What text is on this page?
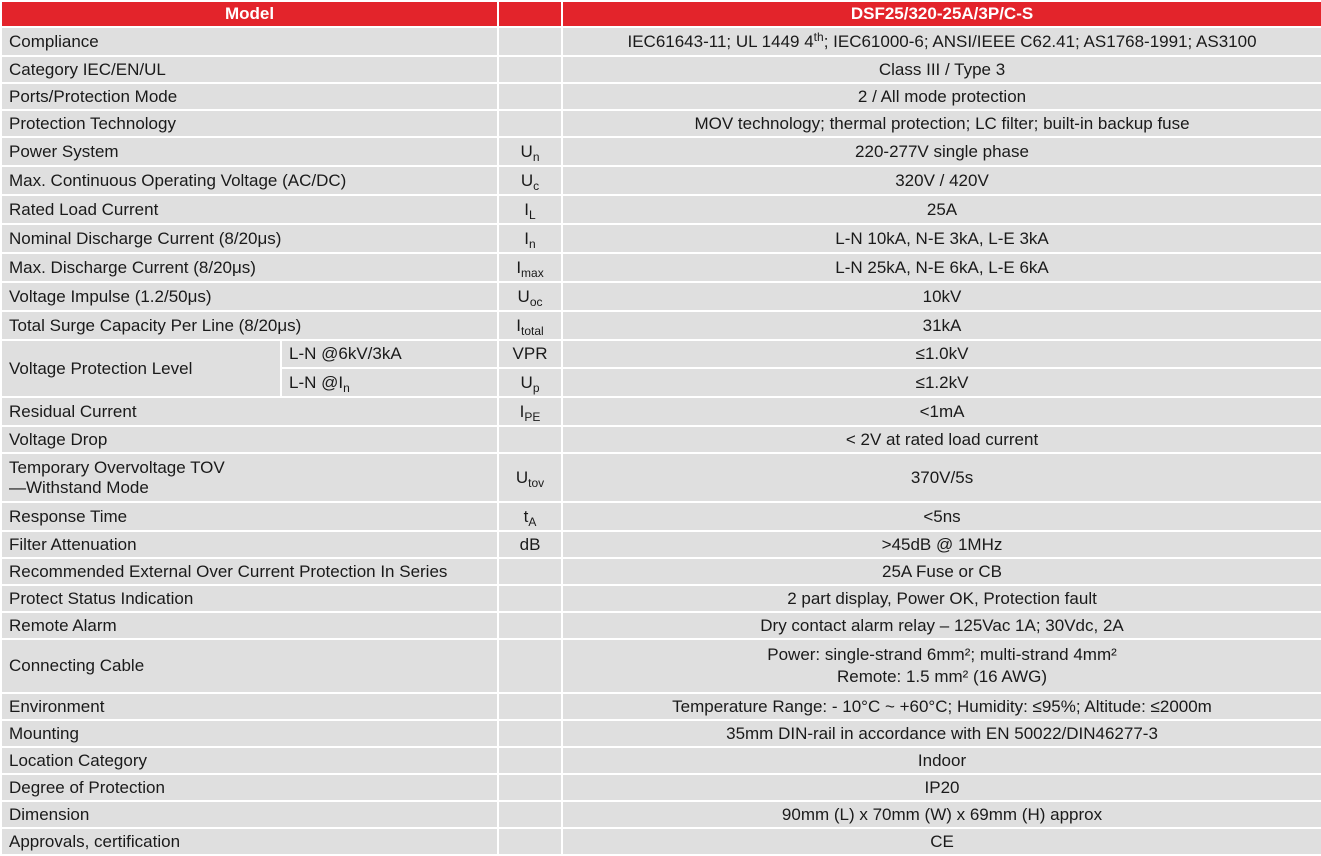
Model			DSF25/320-25A/3P/C-S
Compliance			IEC61643-11; UL 1449 4th; IEC61000-6; ANSI/IEEE C62.41; AS1768-1991; AS3100
Category IEC/EN/UL			Class III / Type 3
Ports/Protection Mode			2 / All mode protection
Protection Technology			MOV technology; thermal protection; LC filter; built-in backup fuse
Power System		$U_n$	220-277V single phase
Max. Continuous Operating Voltage (AC/DC)		$U_c$	320V / 420V
Rated Load Current		$I_L$	25A
Nominal Discharge Current (8/20μs)		$I_n$	L-N 10kA, N-E 3kA, L-E 3kA
Max. Discharge Current (8/20μs)		$I_{max}$	L-N 25kA, N-E 6kA, L-E 6kA
Voltage Impulse (1.2/50μs)		$U_{oc}$	10kV
Total Surge Capacity Per Line (8/20μs)		$I_{total}$	31kA
Voltage Protection Level	L-N @6kV/3kA	VPR	≤1.0kV
	L-N $@I_n$	$U_p$	≤1.2kV
Residual Current		$I_{PE}$	<1mA
Voltage Drop			< 2V at rated load current

Temporary Overvoltage TOV
—Withstand Mode		$U_{tov}$	370V/5s
Response Time		$t_A$	<5ns
Filter Attenuation		dB	>45dB @ 1MHz
Recommended External Over Current Protection In Series			25A Fuse or CB
Protect Status Indication			2 part display, Power OK, Protection fault
Remote Alarm			Dry contact alarm relay – 125Vac 1A; 30Vdc, 2A
Connecting Cable			Power: single-strand 6mm²; multi-strand 4mm²
Remote: 1.5 mm² (16 AWG)

Environment			Temperature Range: - 10°C ~ +60°C; Humidity: ≤95%; Altitude: ≤2000m
Mounting			35mm DIN-rail in accordance with EN 50022/DIN46277-3
Location Category			Indoor
Degree of Protection			IP20
Dimension			90mm (L) x 70mm (W) x 69mm (H) approx
Approvals, certification			CE
